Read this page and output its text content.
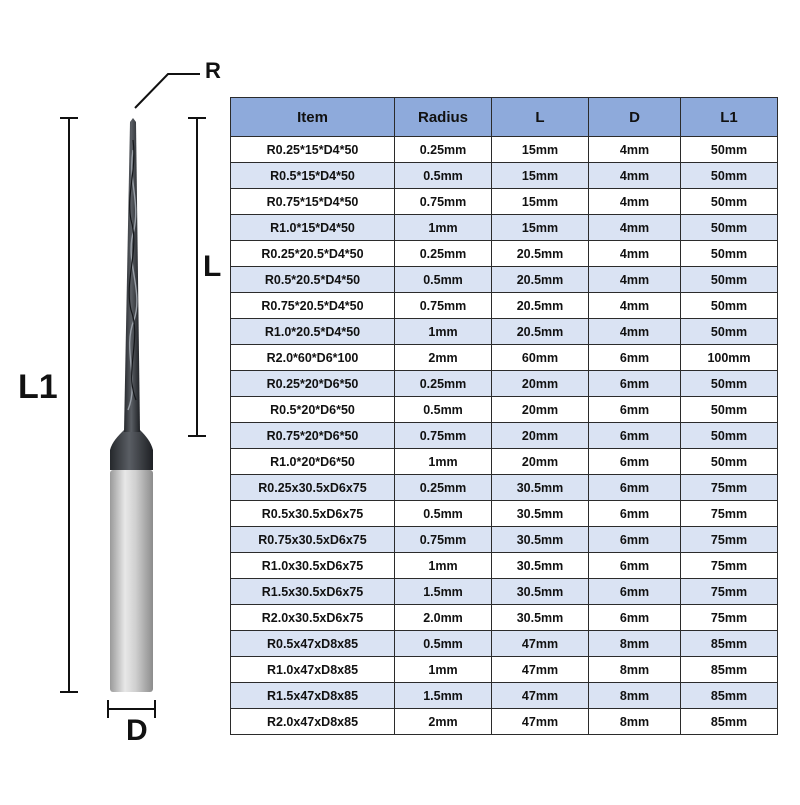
R
L
L1
D
Item	Radius	L	D	L1
R0.25*15*D4*50	0.25mm	15mm	4mm	50mm
R0.5*15*D4*50	0.5mm	15mm	4mm	50mm
R0.75*15*D4*50	0.75mm	15mm	4mm	50mm
R1.0*15*D4*50	1mm	15mm	4mm	50mm
R0.25*20.5*D4*50	0.25mm	20.5mm	4mm	50mm
R0.5*20.5*D4*50	0.5mm	20.5mm	4mm	50mm
R0.75*20.5*D4*50	0.75mm	20.5mm	4mm	50mm
R1.0*20.5*D4*50	1mm	20.5mm	4mm	50mm
R2.0*60*D6*100	2mm	60mm	6mm	100mm
R0.25*20*D6*50	0.25mm	20mm	6mm	50mm
R0.5*20*D6*50	0.5mm	20mm	6mm	50mm
R0.75*20*D6*50	0.75mm	20mm	6mm	50mm
R1.0*20*D6*50	1mm	20mm	6mm	50mm
R0.25x30.5xD6x75	0.25mm	30.5mm	6mm	75mm
R0.5x30.5xD6x75	0.5mm	30.5mm	6mm	75mm
R0.75x30.5xD6x75	0.75mm	30.5mm	6mm	75mm
R1.0x30.5xD6x75	1mm	30.5mm	6mm	75mm
R1.5x30.5xD6x75	1.5mm	30.5mm	6mm	75mm
R2.0x30.5xD6x75	2.0mm	30.5mm	6mm	75mm
R0.5x47xD8x85	0.5mm	47mm	8mm	85mm
R1.0x47xD8x85	1mm	47mm	8mm	85mm
R1.5x47xD8x85	1.5mm	47mm	8mm	85mm
R2.0x47xD8x85	2mm	47mm	8mm	85mm
